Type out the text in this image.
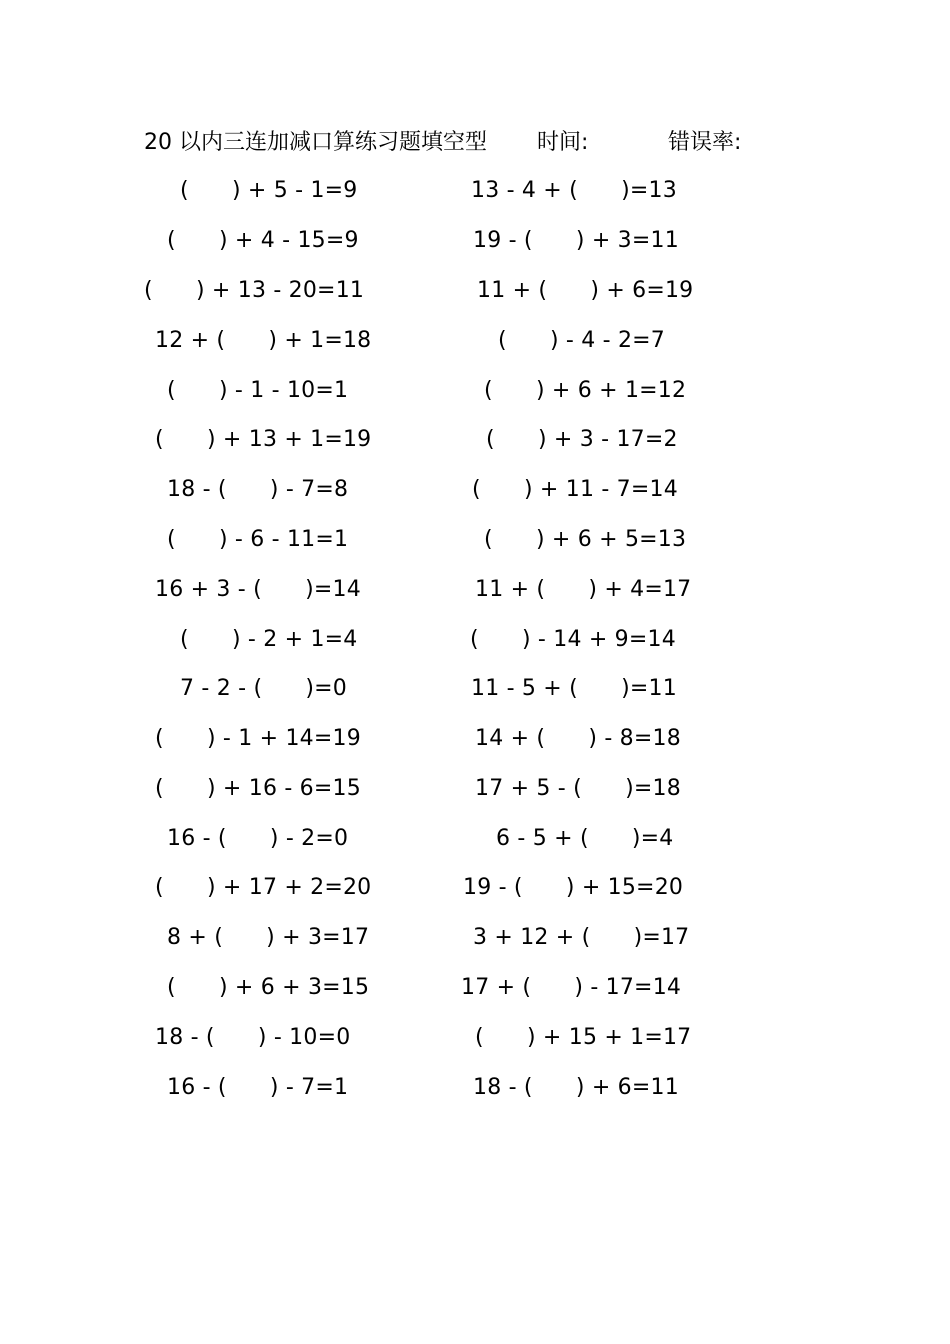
20 以内三连加减口算练习题填空型 时间:	错误率:
(      ) + 5 - 1=9
(      ) + 4 - 15=9
(      ) + 13 - 20=11
12 + (      ) + 1=18
(      ) - 1 - 10=1
(      ) + 13 + 1=19
18 - (      ) - 7=8
(      ) - 6 - 11=1
16 + 3 - (      )=14
(      ) - 2 + 1=4
7 - 2 - (      )=0
(      ) - 1 + 14=19
(      ) + 16 - 6=15
16 - (      ) - 2=0
(      ) + 17 + 2=20
8 + (      ) + 3=17
(      ) + 6 + 3=15
18 - (      ) - 10=0
16 - (      ) - 7=1
13 - 4 + (      )=13
19 - (      ) + 3=11
11 + (      ) + 6=19
(      ) - 4 - 2=7
(      ) + 6 + 1=12
(      ) + 3 - 17=2
(      ) + 11 - 7=14
(      ) + 6 + 5=13
11 + (      ) + 4=17
(      ) - 14 + 9=14
11 - 5 + (      )=11
14 + (      ) - 8=18
17 + 5 - (      )=18
6 - 5 + (      )=4
19 - (      ) + 15=20
3 + 12 + (      )=17
17 + (      ) - 17=14
(      ) + 15 + 1=17
18 - (      ) + 6=11
